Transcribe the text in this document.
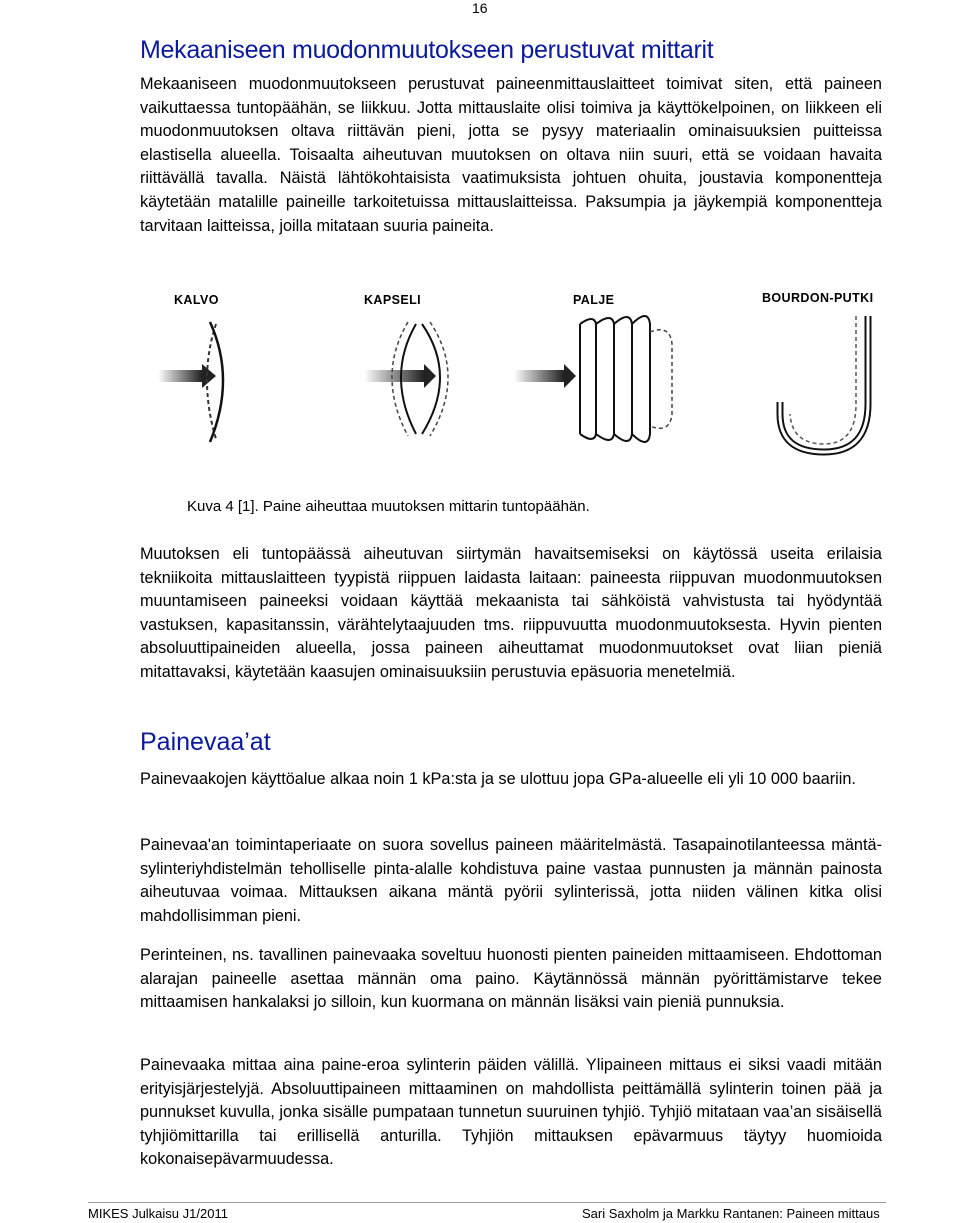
16
Mekaaniseen muodonmuutokseen perustuvat mittarit

Mekaaniseen muodonmuutokseen perustuvat paineenmittauslaitteet toimivat siten, että paineen vaikuttaessa tuntopäähän, se liikkuu. Jotta mittauslaite olisi toimiva ja käyttökelpoinen, on liikkeen eli muodonmuutoksen oltava riittävän pieni, jotta se pysyy materiaalin ominaisuuksien puitteissa elastisella alueella. Toisaalta aiheutuvan muutoksen on oltava niin suuri, että se voidaan havaita riittävällä tavalla. Näistä lähtökohtaisista vaatimuksista johtuen ohuita, joustavia komponentteja käytetään matalille paineille tarkoitetuissa mittauslaitteissa. Paksumpia ja jäykempiä komponentteja tarvitaan laitteissa, joilla mitataan suuria paineita.

KALVO	KAPSELI	PALJE	BOURDON-PUTKI
Kuva 4 [1]. Paine aiheuttaa muutoksen mittarin tuntopäähän.

Muutoksen eli tuntopäässä aiheutuvan siirtymän havaitsemiseksi on käytössä useita erilaisia tekniikoita mittauslaitteen tyypistä riippuen laidasta laitaan: paineesta riippuvan muodonmuutoksen muuntamiseen paineeksi voidaan käyttää mekaanista tai sähköistä vahvistusta tai hyödyntää vastuksen, kapasitanssin, värähtelytaajuuden tms. riippuvuutta muodonmuutoksesta. Hyvin pienten absoluuttipaineiden alueella, jossa paineen aiheuttamat muodonmuutokset ovat liian pieniä mitattavaksi, käytetään kaasujen ominaisuuksiin perustuvia epäsuoria menetelmiä.

Painevaa’at

Painevaakojen käyttöalue alkaa noin 1 kPa:sta ja se ulottuu jopa GPa-alueelle eli yli 10 000 baariin.

Painevaa'an toimintaperiaate on suora sovellus paineen määritelmästä. Tasapainotilanteessa mäntä-sylinteriyhdistelmän teholliselle pinta-alalle kohdistuva paine vastaa punnusten ja männän painosta aiheutuvaa voimaa. Mittauksen aikana mäntä pyörii sylinterissä, jotta niiden välinen kitka olisi mahdollisimman pieni.

Perinteinen, ns. tavallinen painevaaka soveltuu huonosti pienten paineiden mittaamiseen. Ehdottoman alarajan paineelle asettaa männän oma paino. Käytännössä männän pyörittämistarve tekee mittaamisen hankalaksi jo silloin, kun kuormana on männän lisäksi vain pieniä punnuksia.

Painevaaka mittaa aina paine-eroa sylinterin päiden välillä. Ylipaineen mittaus ei siksi vaadi mitään erityisjärjestelyjä. Absoluuttipaineen mittaaminen on mahdollista peittämällä sylinterin toinen pää ja punnukset kuvulla, jonka sisälle pumpataan tunnetun suuruinen tyhjiö. Tyhjiö mitataan vaa’an sisäisellä tyhjiömittarilla tai erillisellä anturilla. Tyhjiön mittauksen epävarmuus täytyy huomioida kokonaisepävarmuudessa.

MIKES Julkaisu J1/2011	Sari Saxholm ja Markku Rantanen: Paineen mittaus
